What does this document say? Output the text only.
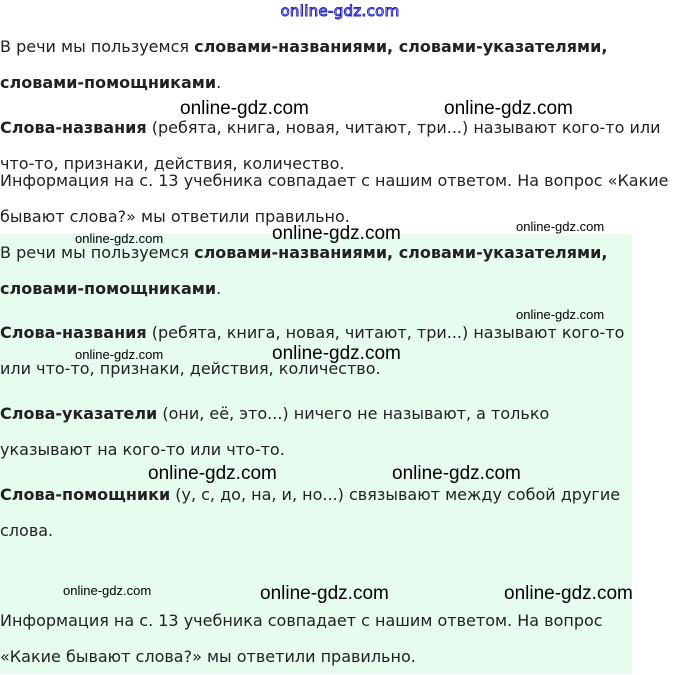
online-gdz.com

В речи мы пользуемся словами-названиями, словами-указателями, словами-помощниками.

Слова-названия (ребята, книга, новая, читают, три...) называют кого-то или что-то, признаки, действия, количество.

Информация на с. 13 учебника совпадает с нашим ответом. На вопрос «Какие бывают слова?» мы ответили правильно.

В речи мы пользуемся словами-названиями, словами-указателями, словами-помощниками.

Слова-названия (ребята, книга, новая, читают, три...) называют кого-то или что-то, признаки, действия, количество.

Слова-указатели (они, её, это...) ничего не называют, а только указывают на кого-то или что-то.

Слова-помощники (у, с, до, на, и, но...) связывают между собой другие слова.

Информация на с. 13 учебника совпадает с нашим ответом. На вопрос «Какие бывают слова?» мы ответили правильно.

online-gdz.com	online-gdz.com
online-gdz.com
online-gdz.com	online-gdz.com
online-gdz.com
online-gdz.com	online-gdz.com
online-gdz.com	online-gdz.com
online-gdz.com	online-gdz.com	online-gdz.com
